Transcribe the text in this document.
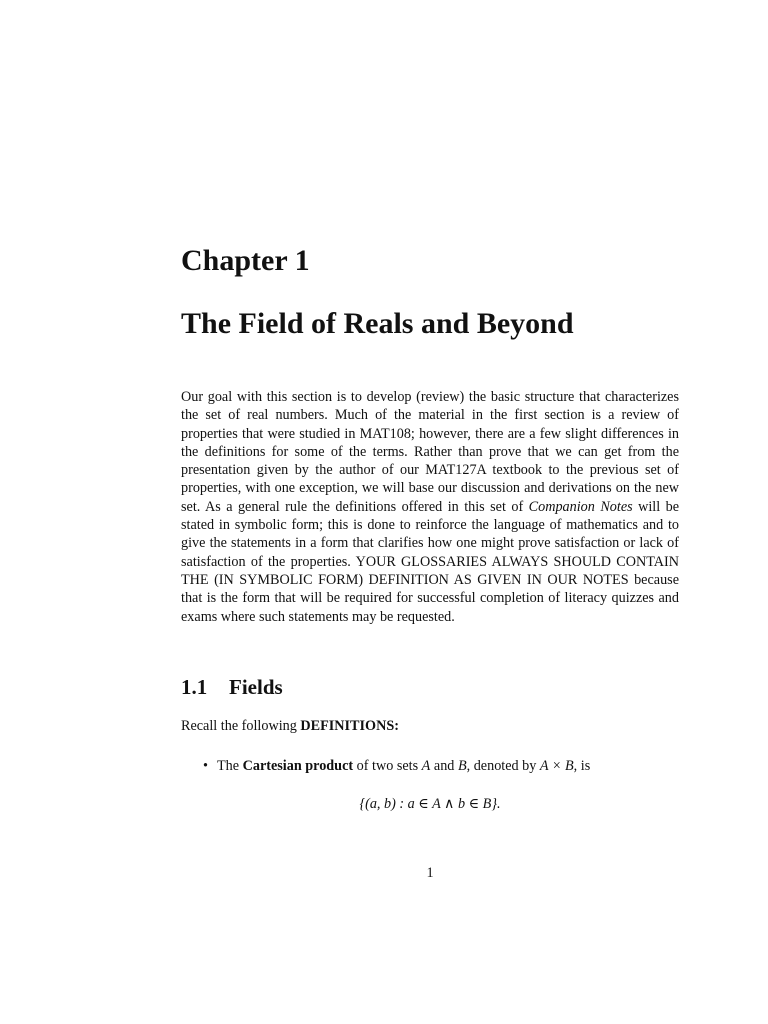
Chapter 1
The Field of Reals and Beyond

Our goal with this section is to develop (review) the basic structure that characterizes the set of real numbers. Much of the material in the first section is a review of properties that were studied in MAT108; however, there are a few slight differences in the definitions for some of the terms. Rather than prove that we can get from the presentation given by the author of our MAT127A textbook to the previous set of properties, with one exception, we will base our discussion and derivations on the new set. As a general rule the definitions offered in this set of Companion Notes will be stated in symbolic form; this is done to reinforce the language of mathematics and to give the statements in a form that clarifies how one might prove satisfaction or lack of satisfaction of the properties. YOUR GLOSSARIES ALWAYS SHOULD CONTAIN THE (IN SYMBOLIC FORM) DEFINITION AS GIVEN IN OUR NOTES because that is the form that will be required for successful completion of literacy quizzes and exams where such statements may be requested.

1.1 Fields
Recall the following DEFINITIONS:
• The Cartesian product of two sets A and B, denoted by A × B, is
{(a, b) : a ∈ A ∧ b ∈ B}.
1
